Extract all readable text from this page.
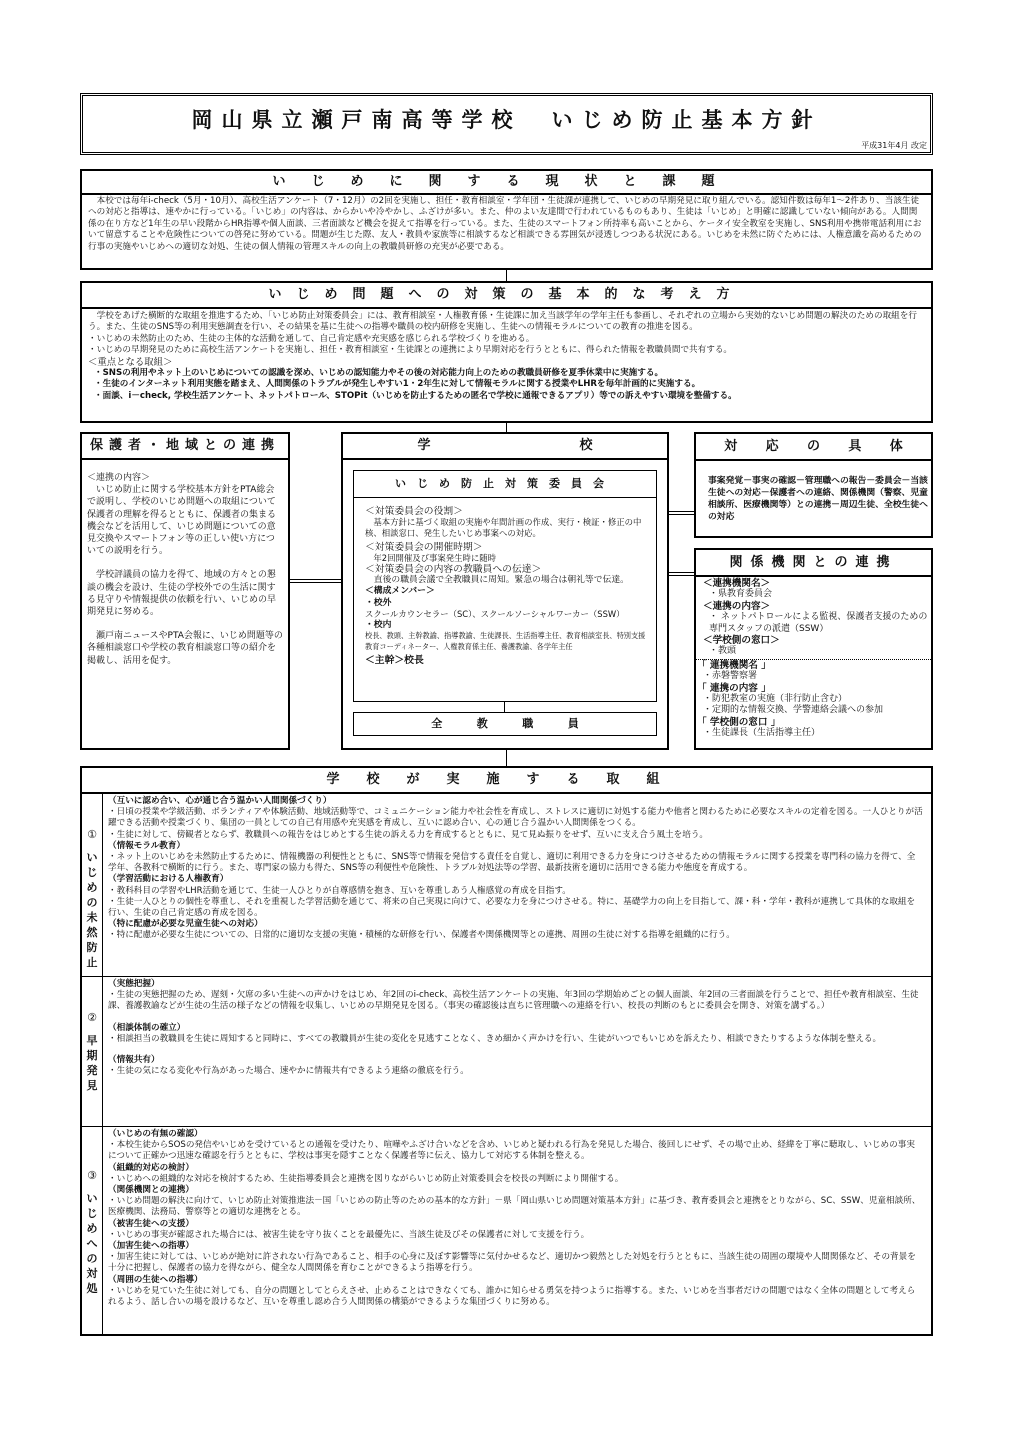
岡山県立瀬戸南高等学校　いじめ防止基本方針
平成31年4月 改定
いじめに関する現状と課題
本校では毎年i-check（5月・10月）、高校生活アンケート（7・12月）の2回を実施し、担任・教育相談室・学年団・生徒課が連携して、いじめの早期発見に取り組んでいる。認知件数は毎年1～2件あり、当該生徒への対応と指導は、速やかに行っている。「いじめ」の内容は、からかいや冷やかし、ふざけが多い。また、仲のよい友達間で行われているものもあり、生徒は「いじめ」と明確に認識していない傾向がある。人間関係の在り方など1年生の早い段階からHR指導や個人面談、三者面談など機会を捉えて指導を行っている。また、生徒のスマートフォン所持率も高いことから、ケータイ安全教室を実施し、SNS利用や携帯電話利用において留意することや危険性についての啓発に努めている。問題が生じた際、友人・教員や家族等に相談するなど相談できる雰囲気が浸透しつつある状況にある。いじめを未然に防ぐためには、人権意識を高めるための行事の実施やいじめへの適切な対処、生徒の個人情報の管理スキルの向上の教職員研修の充実が必要である。
いじめ問題への対策の基本的な考え方
学校をあげた横断的な取組を推進するため、「いじめ防止対策委員会」には、教育相談室・人権教育係・生徒課に加え当該学年の学年主任も参画し、それぞれの立場から実効的ないじめ問題の解決のための取組を行う。また、生徒のSNS等の利用実態調査を行い、その結果を基に生徒への指導や職員の校内研修を実施し、生徒への情報モラルについての教育の推進を図る。
・いじめの未然防止のため、生徒の主体的な活動を通して、自己肯定感や充実感を感じられる学校づくりを進める。
・いじめの早期発見のために高校生活アンケートを実施し、担任・教育相談室・生徒課との連携により早期対応を行うとともに、得られた情報を教職員間で共有する。
＜重点となる取組＞
・SNSの利用やネット上のいじめについての認識を深め、いじめの認知能力やその後の対応能力向上のための教職員研修を夏季休業中に実施する。
・生徒のインターネット利用実態を踏まえ、人間関係のトラブルが発生しやすい1・2年生に対して情報モラルに関する授業やLHRを毎年計画的に実施する。
・面談、i－check, 学校生活アンケート、ネットパトロール、STOPit（いじめを防止するための匿名で学校に通報できるアプリ）等での訴えやすい環境を整備する。
保護者・地域との連携
＜連携の内容＞
いじめ防止に関する学校基本方針をPTA総会で説明し、学校のいじめ問題への取組について保護者の理解を得るとともに、保護者の集まる機会などを活用して、いじめ問題についての意見交換やスマートフォン等の正しい使い方についての説明を行う。
学校評議員の協力を得て、地域の方々との懇談の機会を設け、生徒の学校外での生活に関する見守りや情報提供の依頼を行い、いじめの早期発見に努める。
瀬戸南ニュースやPTA会報に、いじめ問題等の各種相談窓口や学校の教育相談窓口等の紹介を掲載し、活用を促す。
学	校
いじめ防止対策委員会
＜対策委員会の役割＞
基本方針に基づく取組の実施や年間計画の作成、実行・検証・修正の中核、相談窓口、発生したいじめ事案への対応。
＜対策委員会の開催時期＞
年2回開催及び事案発生時に随時
＜対策委員会の内容の教職員への伝達＞
直後の職員会議で全教職員に周知。緊急の場合は朝礼等で伝達。
＜構成メンバー＞
・校外
スクールカウンセラー（SC）、スクールソーシャルワーカー（SSW）
・校内
校長、教頭、主幹教諭、指導教諭、生徒課長、生活指導主任、教育相談室長、特別支援教育コーディネーター、人権教育係主任、養護教諭、各学年主任
＜主幹＞校長
全	教	職	員
対 応 の 具 体
事案発覚－事実の確認－管理職への報告－委員会－当該生徒への対応－保護者への連絡、関係機関（警察、児童相談所、医療機関等）との連携－周辺生徒、全校生徒への対応
関係機関との連携
＜連携機関名＞
・県教育委員会
＜連携の内容＞
・ ネットパトロールによる監視、保護者支援のための専門スタッフの派遣（SSW）
＜学校側の窓口＞
・教頭
「 連携機関名 」
・赤磐警察署
「 連携の内容 」
・防犯教室の実施（非行防止含む）
・定期的な情報交換、学警連絡会議への参加
「 学校側の窓口 」
・生徒課長（生活指導主任）
学校が実施する取組
①
い
じ
め
の
未
然
防
止
（互いに認め合い、心が通じ合う温かい人間関係づくり）
・日頃の授業や学級活動、ボランティアや体験活動、地域活動等で、コミュニケーション能力や社会性を育成し、ストレスに適切に対処する能力や他者と関わるために必要なスキルの定着を図る。一人ひとりが活躍できる活動や授業づくり、集団の一員としての自己有用感や充実感を育成し、互いに認め合い、心の通じ合う温かい人間関係をつくる。
・生徒に対して、傍観者とならず、教職員への報告をはじめとする生徒の訴える力を育成するとともに、見て見ぬ振りをせず、互いに支え合う風土を培う。
（情報モラル教育）
・ネット上のいじめを未然防止するために、情報機器の利便性とともに、SNS等で情報を発信する責任を自覚し、適切に利用できる力を身につけさせるための情報モラルに関する授業を専門科の協力を得て、全学年、各教科で横断的に行う。また、専門家の協力も得た、SNS等の利便性や危険性、トラブル対処法等の学習、最新技術を適切に活用できる能力や態度を育成する。
（学習活動における人権教育）
・教科科目の学習やLHR活動を通じて、生徒一人ひとりが自尊感情を抱き、互いを尊重しあう人権感覚の育成を目指す。
・生徒一人ひとりの個性を尊重し、それを重視した学習活動を通じて、将来の自己実現に向けて、必要な力を身につけさせる。特に、基礎学力の向上を目指して、課・科・学年・教科が連携して具体的な取組を行い、生徒の自己肯定感の育成を図る。
（特に配慮が必要な児童生徒への対応）
・特に配慮が必要な生徒についての、日常的に適切な支援の実施・積極的な研修を行い、保護者や関係機関等との連携、周囲の生徒に対する指導を組織的に行う。
②
早
期
発
見
（実態把握）
・生徒の実態把握のため、遅刻・欠席の多い生徒への声かけをはじめ、年2回のi-check、高校生活アンケートの実施、年3回の学期始めごとの個人面談、年2回の三者面談を行うことで、担任や教育相談室、生徒課、養護教諭などが生徒の生活の様子などの情報を収集し、いじめの早期発見を図る。（事実の確認後は直ちに管理職への連絡を行い、校長の判断のもとに委員会を開き、対策を講ずる。）
（相談体制の確立）
・相談担当の教職員を生徒に周知すると同時に、すべての教職員が生徒の変化を見逃すことなく、きめ細かく声かけを行い、生徒がいつでもいじめを訴えたり、相談できたりするような体制を整える。
（情報共有）
・生徒の気になる変化や行為があった場合、速やかに情報共有できるよう連絡の徹底を行う。
③
い
じ
め
へ
の
対
処
（いじめの有無の確認）
・本校生徒からSOSの発信やいじめを受けているとの通報を受けたり、喧嘩やふざけ合いなどを含め、いじめと疑われる行為を発見した場合、後回しにせず、その場で止め、経緯を丁寧に聴取し、いじめの事実について正確かつ迅速な確認を行うとともに、学校は事実を隠すことなく保護者等に伝え、協力して対応する体制を整える。
（組織的対応の検討）
・いじめへの組織的な対応を検討するため、生徒指導委員会と連携を図りながらいじめ防止対策委員会を校長の判断により開催する。
（関係機関との連携）
・いじめ問題の解決に向けて、いじめ防止対策推進法－国「いじめの防止等のための基本的な方針」－県「岡山県いじめ問題対策基本方針」に基づき、教育委員会と連携をとりながら、SC、SSW、児童相談所、医療機関、法務局、警察等との適切な連携をとる。
（被害生徒への支援）
・いじめの事実が確認された場合には、被害生徒を守り抜くことを最優先に、当該生徒及びその保護者に対して支援を行う。
（加害生徒への指導）
・加害生徒に対しては、いじめが絶対に許されない行為であること、相手の心身に及ぼす影響等に気付かせるなど、適切かつ毅然とした対処を行うとともに、当該生徒の周囲の環境や人間関係など、その背景を十分に把握し、保護者の協力を得ながら、健全な人間関係を育むことができるよう指導を行う。
（周囲の生徒への指導）
・いじめを見ていた生徒に対しても、自分の問題としてとらえさせ、止めることはできなくても、誰かに知らせる勇気を持つように指導する。また、いじめを当事者だけの問題ではなく全体の問題として考えられるよう、話し合いの場を設けるなど、互いを尊重し認め合う人間関係の構築ができるような集団づくりに努める。
